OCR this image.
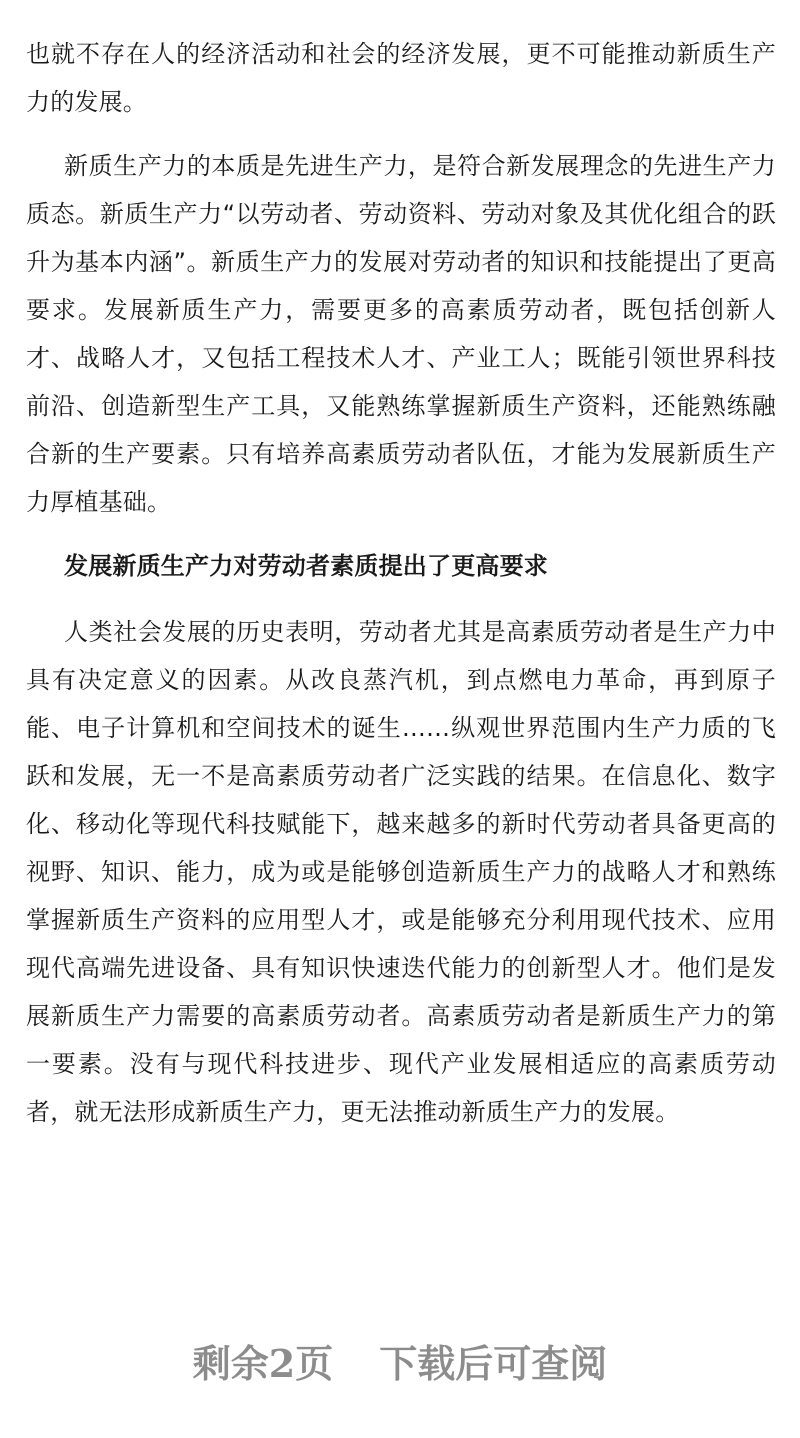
也就不存在人的经济活动和社会的经济发展，更不可能推动新质生产力的发展。

新质生产力的本质是先进生产力，是符合新发展理念的先进生产力质态。新质生产力“以劳动者、劳动资料、劳动对象及其优化组合的跃升为基本内涵”。新质生产力的发展对劳动者的知识和技能提出了更高要求。发展新质生产力，需要更多的高素质劳动者，既包括创新人才、战略人才，又包括工程技术人才、产业工人；既能引领世界科技前沿、创造新型生产工具，又能熟练掌握新质生产资料，还能熟练融合新的生产要素。只有培养高素质劳动者队伍，才能为发展新质生产力厚植基础。

发展新质生产力对劳动者素质提出了更高要求

人类社会发展的历史表明，劳动者尤其是高素质劳动者是生产力中具有决定意义的因素。从改良蒸汽机，到点燃电力革命，再到原子能、电子计算机和空间技术的诞生……纵观世界范围内生产力质的飞跃和发展，无一不是高素质劳动者广泛实践的结果。在信息化、数字化、移动化等现代科技赋能下，越来越多的新时代劳动者具备更高的视野、知识、能力，成为或是能够创造新质生产力的战略人才和熟练掌握新质生产资料的应用型人才，或是能够充分利用现代技术、应用现代高端先进设备、具有知识快速迭代能力的创新型人才。他们是发展新质生产力需要的高素质劳动者。高素质劳动者是新质生产力的第一要素。没有与现代科技进步、现代产业发展相适应的高素质劳动者，就无法形成新质生产力，更无法推动新质生产力的发展。

剩余2页 下载后可查阅
